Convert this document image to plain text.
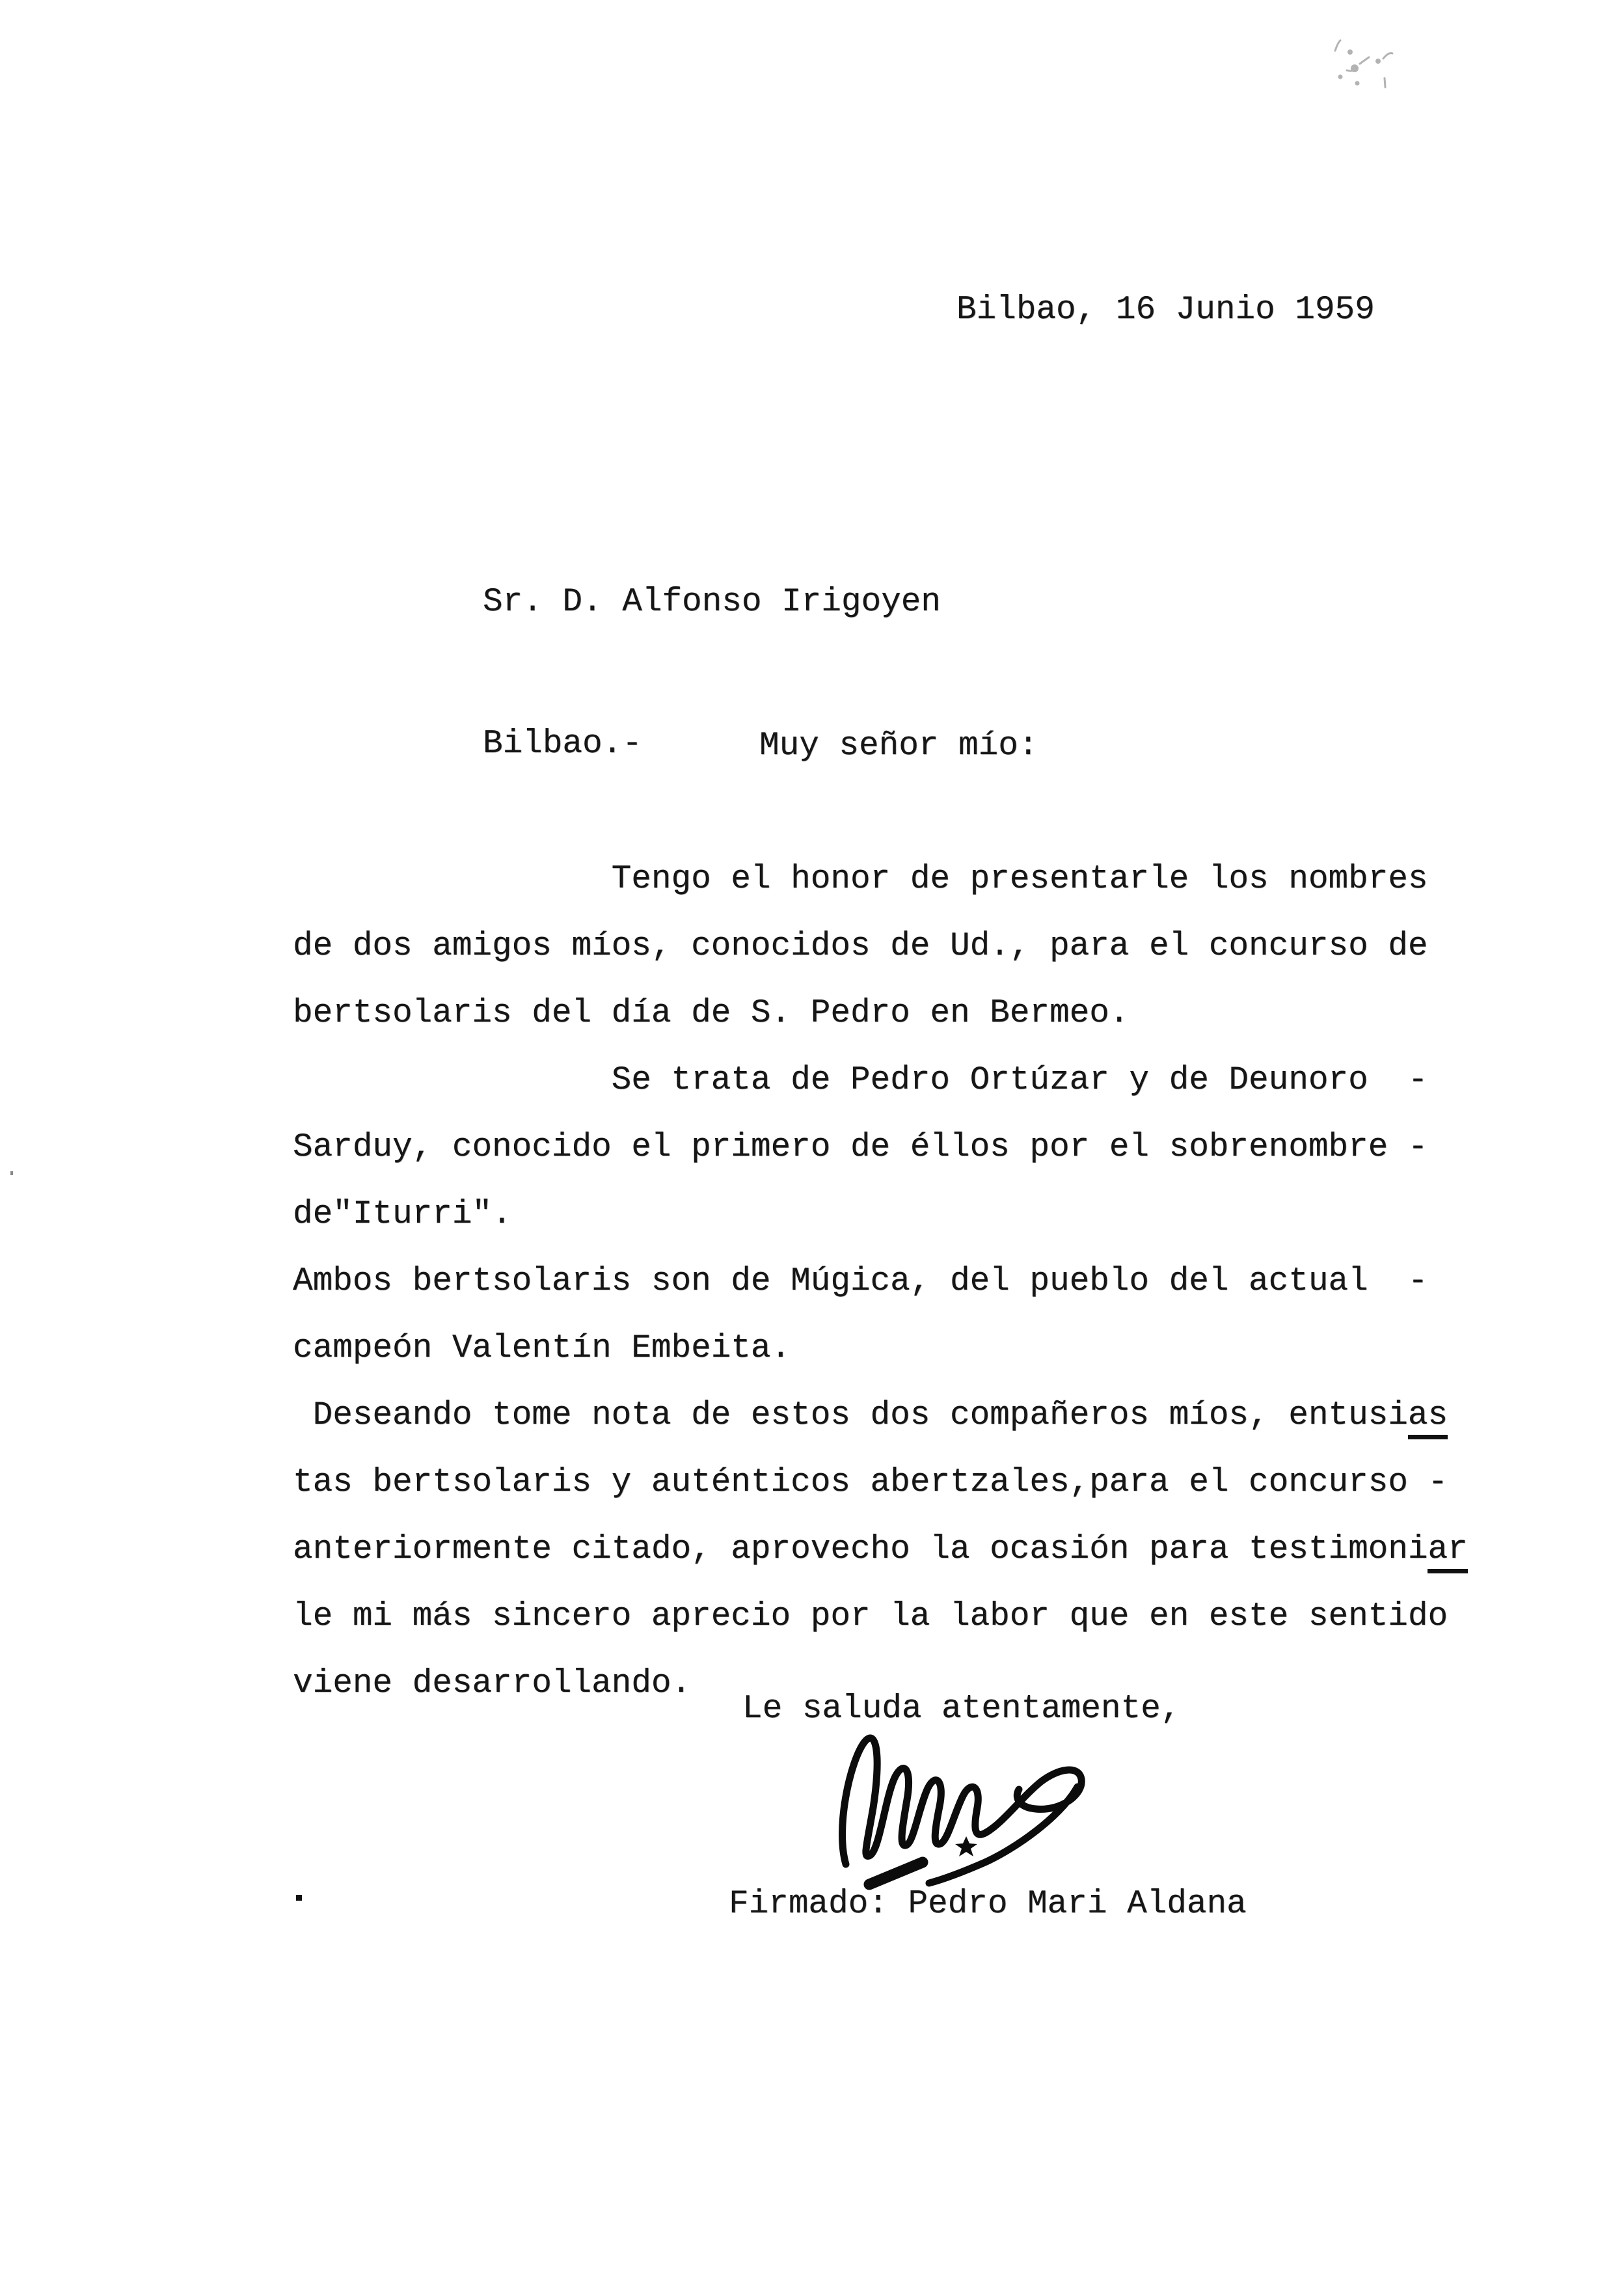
Bilbao, 16 Junio 1959

Sr. D. Alfonso Irigoyen

Bilbao.-

	Muy señor mío:
Tengo el honor de presentarle los nombres
de dos amigos míos, conocidos de Ud., para el concurso de
bertsolaris del día de S. Pedro en Bermeo.
Se trata de Pedro Ortúzar y de Deunoro  -
Sarduy, conocido el primero de éllos por el sobrenombre -
de"Iturri".
Ambos bertsolaris son de Múgica, del pueblo del actual  -
campeón Valentín Embeita.
Deseando tome nota de estos dos compañeros míos, entusias
tas bertsolaris y auténticos abertzales,para el concurso -
anteriormente citado, aprovecho la ocasión para testimoniar
le mi más sincero aprecio por la labor que en este sentido
viene desarrollando.
Le saluda atentamente,
Firmado: Pedro Mari Aldana
